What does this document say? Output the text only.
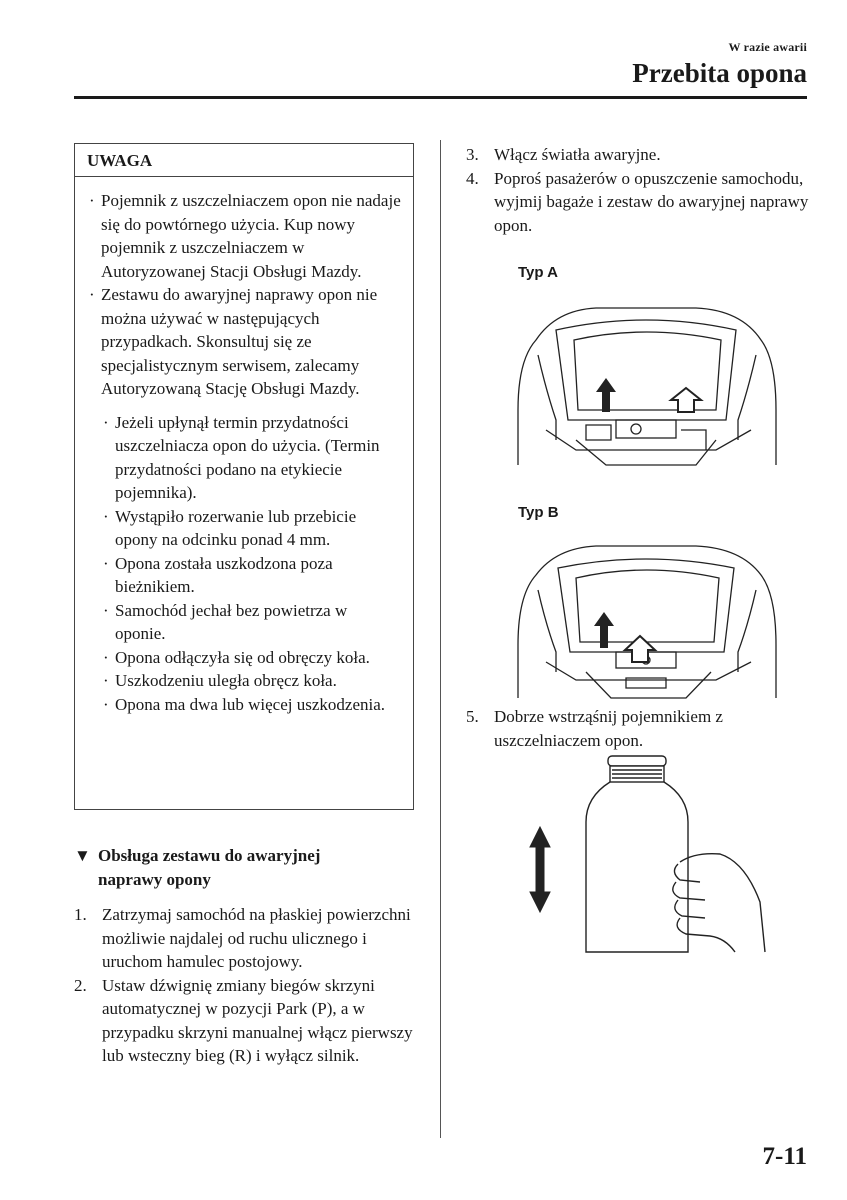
W razie awarii
Przebita opona
UWAGA
· Pojemnik z uszczelniaczem opon nie nadaje się do powtórnego użycia. Kup nowy pojemnik z uszczelniaczem w Autoryzowanej Stacji Obsługi Mazdy.
· Zestawu do awaryjnej naprawy opon nie można używać w następujących przypadkach. Skonsultuj się ze specjalistycznym serwisem, zalecamy Autoryzowaną Stację Obsługi Mazdy.
· Jeżeli upłynął termin przydatności uszczelniacza opon do użycia. (Termin przydatności podano na etykiecie pojemnika).
· Wystąpiło rozerwanie lub przebicie opony na odcinku ponad 4 mm.
· Opona została uszkodzona poza bieżnikiem.
· Samochód jechał bez powietrza w oponie.
· Opona odłączyła się od obręczy koła.
· Uszkodzeniu uległa obręcz koła.
· Opona ma dwa lub więcej uszkodzenia.
▼ Obsługa zestawu do awaryjnej
naprawy opony
1. Zatrzymaj samochód na płaskiej powierzchni możliwie najdalej od ruchu ulicznego i uruchom hamulec postojowy.
2. Ustaw dźwignię zmiany biegów skrzyni automatycznej w pozycji Park (P), a w przypadku skrzyni manualnej włącz pierwszy lub wsteczny bieg (R) i wyłącz silnik.
3. Włącz światła awaryjne.
4. Poproś pasażerów o opuszczenie samochodu, wyjmij bagaże i zestaw do awaryjnej naprawy opon.
Typ A
Typ B
5. Dobrze wstrząśnij pojemnikiem z uszczelniaczem opon.
7-11
